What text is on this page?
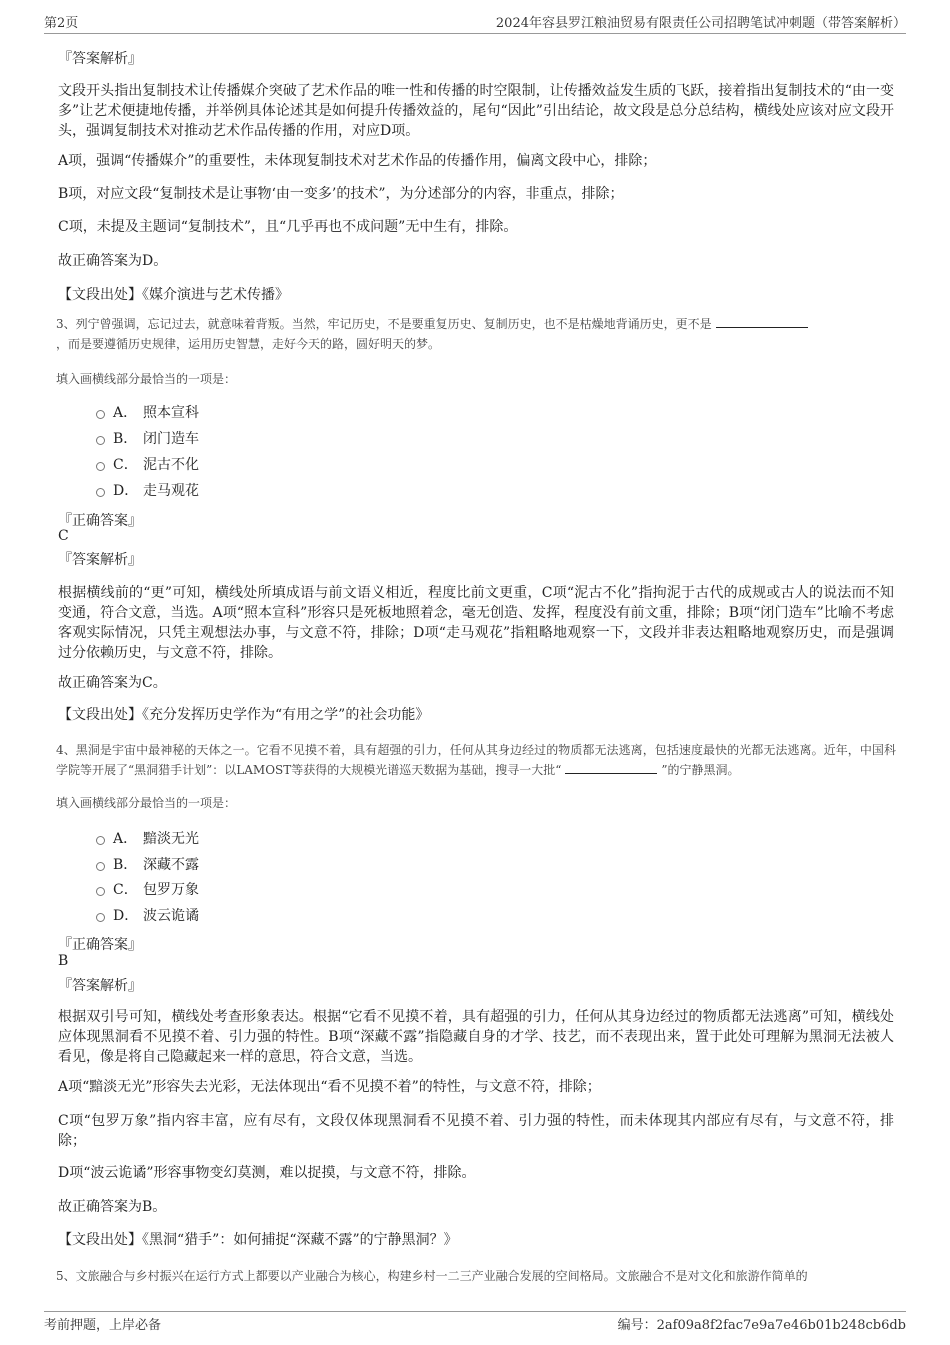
第2页	2024年容县罗江粮油贸易有限责任公司招聘笔试冲刺题（带答案解析）
『答案解析』
文段开头指出复制技术让传播媒介突破了艺术作品的唯一性和传播的时空限制，让传播效益发生质的飞跃，接着指出复制技术的“由一变多”让艺术便捷地传播，并举例具体论述其是如何提升传播效益的，尾句“因此”引出结论，故文段是总分总结构，横线处应该对应文段开头，强调复制技术对推动艺术作品传播的作用，对应D项。
A项，强调“传播媒介”的重要性，未体现复制技术对艺术作品的传播作用，偏离文段中心，排除；
B项，对应文段“复制技术是让事物‘由一变多’的技术”，为分述部分的内容，非重点，排除；
C项，未提及主题词“复制技术”，且“几乎再也不成问题”无中生有，排除。
故正确答案为D。
【文段出处】《媒介演进与艺术传播》
3、列宁曾强调，忘记过去，就意味着背叛。当然，牢记历史，不是要重复历史、复制历史，也不是枯燥地背诵历史，更不是
，而是要遵循历史规律，运用历史智慧，走好今天的路，圆好明天的梦。
填入画横线部分最恰当的一项是：
A． 照本宣科
B． 闭门造车
C． 泥古不化
D． 走马观花
『正确答案』
C
『答案解析』
根据横线前的“更”可知，横线处所填成语与前文语义相近，程度比前文更重，C项“泥古不化”指拘泥于古代的成规或古人的说法而不知变通，符合文意，当选。A项“照本宣科”形容只是死板地照着念，毫无创造、发挥，程度没有前文重，排除；B项“闭门造车”比喻不考虑客观实际情况，只凭主观想法办事，与文意不符，排除；D项“走马观花”指粗略地观察一下，文段并非表达粗略地观察历史，而是强调过分依赖历史，与文意不符，排除。
故正确答案为C。
【文段出处】《充分发挥历史学作为“有用之学”的社会功能》
4、黑洞是宇宙中最神秘的天体之一。它看不见摸不着，具有超强的引力，任何从其身边经过的物质都无法逃离，包括速度最快的光都无法逃离。近年，中国科学院等开展了“黑洞猎手计划”：以LAMOST等获得的大规模光谱巡天数据为基础，搜寻一大批“	”的宁静黑洞。
填入画横线部分最恰当的一项是：
A． 黯淡无光
B． 深藏不露
C． 包罗万象
D． 波云诡谲
『正确答案』
B
『答案解析』
根据双引号可知，横线处考查形象表达。根据“它看不见摸不着，具有超强的引力，任何从其身边经过的物质都无法逃离”可知，横线处应体现黑洞看不见摸不着、引力强的特性。B项“深藏不露”指隐藏自身的才学、技艺，而不表现出来，置于此处可理解为黑洞无法被人看见，像是将自己隐藏起来一样的意思，符合文意，当选。
A项“黯淡无光”形容失去光彩，无法体现出“看不见摸不着”的特性，与文意不符，排除；
C项“包罗万象”指内容丰富，应有尽有，文段仅体现黑洞看不见摸不着、引力强的特性，而未体现其内部应有尽有，与文意不符，排除；
D项“波云诡谲”形容事物变幻莫测，难以捉摸，与文意不符，排除。
故正确答案为B。
【文段出处】《黑洞“猎手”：如何捕捉“深藏不露”的宁静黑洞？》
5、文旅融合与乡村振兴在运行方式上都要以产业融合为核心，构建乡村一二三产业融合发展的空间格局。文旅融合不是对文化和旅游作简单的
考前押题，上岸必备	编号：2af09a8f2fac7e9a7e46b01b248cb6db
